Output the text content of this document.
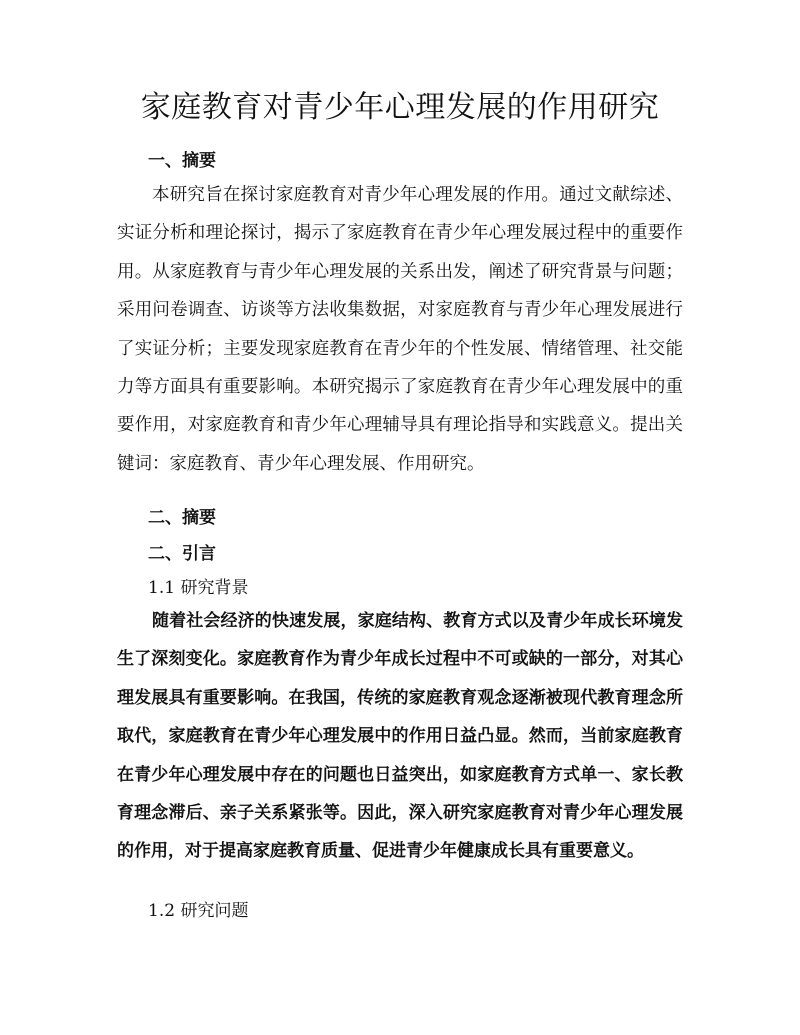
家庭教育对青少年心理发展的作用研究
一、摘要

本研究旨在探讨家庭教育对青少年心理发展的作用。通过文献综述、实证分析和理论探讨，揭示了家庭教育在青少年心理发展过程中的重要作用。从家庭教育与青少年心理发展的关系出发，阐述了研究背景与问题；采用问卷调查、访谈等方法收集数据，对家庭教育与青少年心理发展进行了实证分析；主要发现家庭教育在青少年的个性发展、情绪管理、社交能力等方面具有重要影响。本研究揭示了家庭教育在青少年心理发展中的重要作用，对家庭教育和青少年心理辅导具有理论指导和实践意义。提出关键词：家庭教育、青少年心理发展、作用研究。

二、摘要
二、引言
1.1 研究背景

随着社会经济的快速发展，家庭结构、教育方式以及青少年成长环境发生了深刻变化。家庭教育作为青少年成长过程中不可或缺的一部分，对其心理发展具有重要影响。在我国，传统的家庭教育观念逐渐被现代教育理念所取代，家庭教育在青少年心理发展中的作用日益凸显。然而，当前家庭教育在青少年心理发展中存在的问题也日益突出，如家庭教育方式单一、家长教育理念滞后、亲子关系紧张等。因此，深入研究家庭教育对青少年心理发展的作用，对于提高家庭教育质量、促进青少年健康成长具有重要意义。

1.2 研究问题
